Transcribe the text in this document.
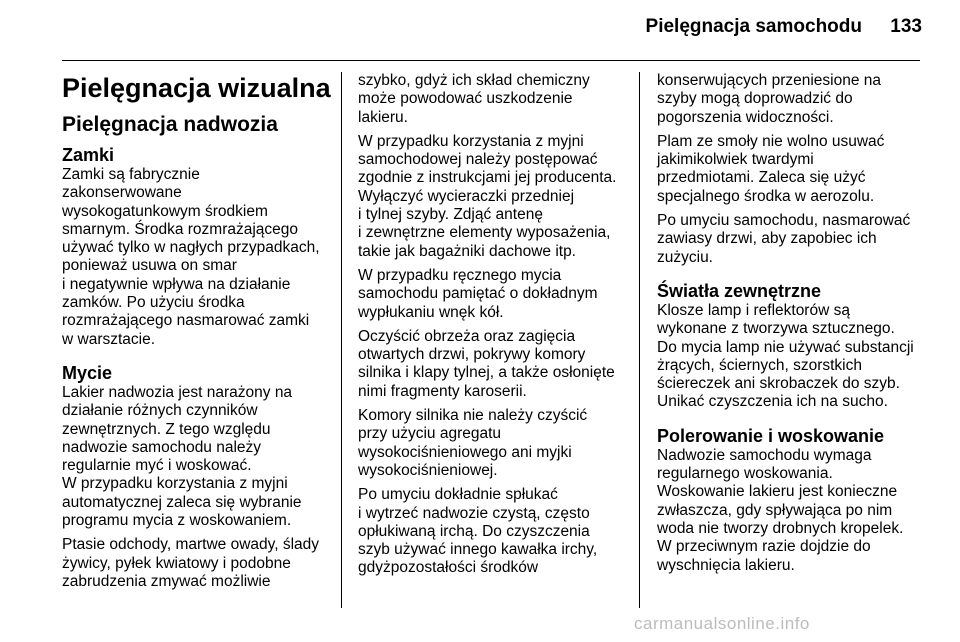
Pielęgnacja samochodu 133
Pielęgnacja wizualna
Pielęgnacja nadwozia
Zamki
Zamki są fabrycznie
zakonserwowane
wysokogatunkowym środkiem
smarnym. Środka rozmrażającego
używać tylko w nagłych przypadkach,
ponieważ usuwa on smar
i negatywnie wpływa na działanie
zamków. Po użyciu środka
rozmrażającego nasmarować zamki
w warsztacie.
Mycie
Lakier nadwozia jest narażony na
działanie różnych czynników
zewnętrznych. Z tego względu
nadwozie samochodu należy
regularnie myć i woskować.
W przypadku korzystania z myjni
automatycznej zaleca się wybranie
programu mycia z woskowaniem.
Ptasie odchody, martwe owady, ślady
żywicy, pyłek kwiatowy i podobne
zabrudzenia zmywać możliwie
szybko, gdyż ich skład chemiczny
może powodować uszkodzenie
lakieru.
W przypadku korzystania z myjni
samochodowej należy postępować
zgodnie z instrukcjami jej producenta.
Wyłączyć wycieraczki przedniej
i tylnej szyby. Zdjąć antenę
i zewnętrzne elementy wyposażenia,
takie jak bagażniki dachowe itp.
W przypadku ręcznego mycia
samochodu pamiętać o dokładnym
wypłukaniu wnęk kół.
Oczyścić obrzeża oraz zagięcia
otwartych drzwi, pokrywy komory
silnika i klapy tylnej, a także osłonięte
nimi fragmenty karoserii.
Komory silnika nie należy czyścić
przy użyciu agregatu
wysokociśnieniowego ani myjki
wysokociśnieniowej.
Po umyciu dokładnie spłukać
i wytrzeć nadwozie czystą, często
opłukiwaną irchą. Do czyszczenia
szyb używać innego kawałka irchy,
gdyżpozostałości środków
konserwujących przeniesione na
szyby mogą doprowadzić do
pogorszenia widoczności.
Plam ze smoły nie wolno usuwać
jakimikolwiek twardymi
przedmiotami. Zaleca się użyć
specjalnego środka w aerozolu.
Po umyciu samochodu, nasmarować
zawiasy drzwi, aby zapobiec ich
zużyciu.
Światła zewnętrzne
Klosze lamp i reflektorów są
wykonane z tworzywa sztucznego.
Do mycia lamp nie używać substancji
żrących, ściernych, szorstkich
ściereczek ani skrobaczek do szyb.
Unikać czyszczenia ich na sucho.
Polerowanie i woskowanie
Nadwozie samochodu wymaga
regularnego woskowania.
Woskowanie lakieru jest konieczne
zwłaszcza, gdy spływająca po nim
woda nie tworzy drobnych kropelek.
W przeciwnym razie dojdzie do
wyschnięcia lakieru.
carmanualsonline.info
